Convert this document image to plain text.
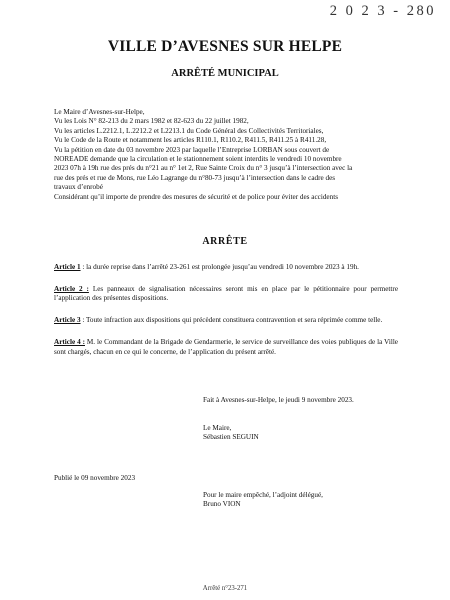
2 0 2 3 - 280
VILLE D’AVESNES SUR HELPE
ARRÊTÉ MUNICIPAL
Le Maire d’Avesnes-sur-Helpe,
Vu les Lois N° 82-213 du 2 mars 1982 et 82-623 du 22 juillet 1982,
Vu les articles L.2212.1, L.2212.2 et L2213.1 du Code Général des Collectivités Territoriales,
Vu le Code de la Route et notamment les articles R110.1, R110.2, R411.5, R411.25 à R411.28,
Vu la pétition en date du 03 novembre 2023 par laquelle l’Entreprise LORBAN sous couvert de
NOREADE demande que la circulation et le stationnement soient interdits le vendredi 10 novembre
2023 07h à 19h rue des prés du n°21 au n° 1et 2, Rue Sainte Croix du n° 3 jusqu’à l’intersection avec la
rue des prés et rue de Mons, rue Léo Lagrange du n°80-73 jusqu’à l’intersection dans le cadre des
travaux d’enrobé
Considérant qu’il importe de prendre des mesures de sécurité et de police pour éviter des accidents
ARRÊTE

Article 1 : la durée reprise dans l’arrêté 23-261 est prolongée jusqu’au vendredi 10 novembre 2023 à 19h.

Article 2 : Les panneaux de signalisation nécessaires seront mis en place par le pétitionnaire pour permettre l’application des présentes dispositions.

Article 3 : Toute infraction aux dispositions qui précèdent constituera contravention et sera réprimée comme telle.

Article 4 : M. le Commandant de la Brigade de Gendarmerie, le service de surveillance des voies publiques de la Ville sont chargés, chacun en ce qui le concerne, de l’application du présent arrêté.

Fait à Avesnes-sur-Helpe, le jeudi 9 novembre 2023.
Le Maire,
Sébastien SEGUIN
Publié le 09 novembre 2023
Pour le maire empêché, l’adjoint délégué,
Bruno VION
Arrêté n°23-271
